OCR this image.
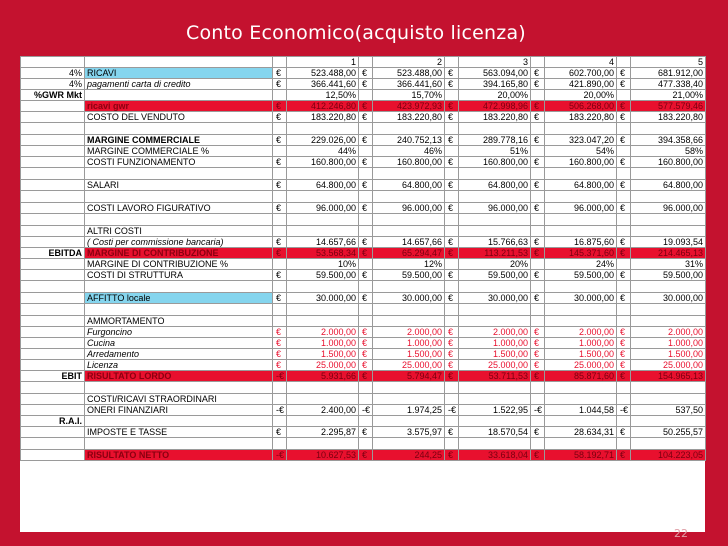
Conto Economico(acquisto licenza)
			1		2		3		4		5
4%	RICAVI	€	523.488,00	€	523.488,00	€	563.094,00	€	602.700,00	€	681.912,00
4%	pagamenti carta di credito	€	366.441,60	€	366.441,60	€	394.165,80	€	421.890,00	€	477.338,40
%GWR Mkt			12,50%		15,70%		20,00%		20,00%		21,00%
	ricavi gwr	€	412.246,80	€	423.972,93	€	472.998,96	€	506.268,00	€	577.579,46
	COSTO DEL VENDUTO	€	183.220,80	€	183.220,80	€	183.220,80	€	183.220,80	€	183.220,80

	MARGINE COMMERCIALE	€	229.026,00	€	240.752,13	€	289.778,16	€	323.047,20	€	394.358,66
	MARGINE COMMERCIALE %		44%		46%		51%		54%		58%
	COSTI FUNZIONAMENTO	€	160.800,00	€	160.800,00	€	160.800,00	€	160.800,00	€	160.800,00

	SALARI	€	64.800,00	€	64.800,00	€	64.800,00	€	64.800,00	€	64.800,00

	COSTI LAVORO FIGURATIVO	€	96.000,00	€	96.000,00	€	96.000,00	€	96.000,00	€	96.000,00

	ALTRI COSTI										
	( Costi per commissione bancaria)	€	14.657,66	€	14.657,66	€	15.766,63	€	16.875,60	€	19.093,54
EBITDA	MARGINE DI CONTRIBUZIONE	€	53.568,34	€	65.294,47	€	113.211,53	€	145.371,60	€	214.465,13
	MARGINE DI CONTRIBUZIONE %		10%		12%		20%		24%		31%
	COSTI DI STRUTTURA	€	59.500,00	€	59.500,00	€	59.500,00	€	59.500,00	€	59.500,00

	AFFITTO locale	€	30.000,00	€	30.000,00	€	30.000,00	€	30.000,00	€	30.000,00

	AMMORTAMENTO										
	Furgoncino	€	2.000,00	€	2.000,00	€	2.000,00	€	2.000,00	€	2.000,00
	Cucina	€	1.000,00	€	1.000,00	€	1.000,00	€	1.000,00	€	1.000,00
	Arredamento	€	1.500,00	€	1.500,00	€	1.500,00	€	1.500,00	€	1.500,00
	Licenza	€	25.000,00	€	25.000,00	€	25.000,00	€	25.000,00	€	25.000,00
EBIT	RISULTATO LORDO	-€	5.931,66	€	5.794,47	€	53.711,53	€	85.871,60	€	154.965,13

	COSTI/RICAVI STRAORDINARI										
	ONERI FINANZIARI	-€	2.400,00	-€	1.974,25	-€	1.522,95	-€	1.044,58	-€	537,50
R.A.I.											
	IMPOSTE E TASSE	€	2.295,87	€	3.575,97	€	18.570,54	€	28.634,31	€	50.255,57

	RISULTATO NETTO	-€	10.627,53	€	244,25	€	33.618,04	€	58.192,71	€	104.223,05
22
